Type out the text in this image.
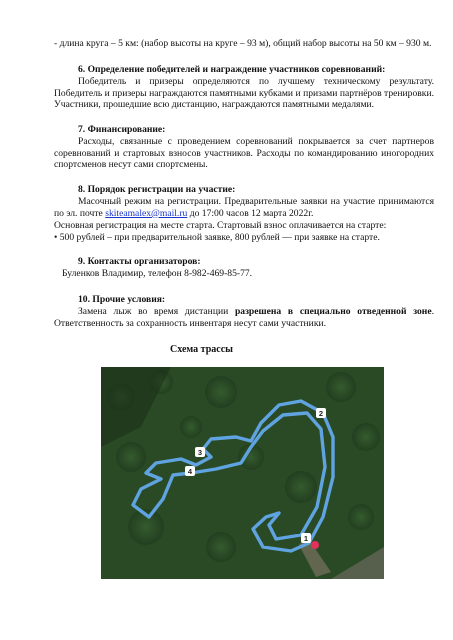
- длина круга – 5 км: (набор высоты на круге – 93 м), общий набор высоты на 50 км – 930 м.

6. Определение победителей и награждение участников соревнований:

Победитель и призеры определяются по лучшему техническому результату. Победитель и призеры награждаются памятными кубками и призами партнёров тренировки. Участники, прошедшие всю дистанцию, награждаются памятными медалями.

7. Финансирование:

Расходы, связанные с проведением соревнований покрывается за счет партнеров соревнований и стартовых взносов участников. Расходы по командированию иногородних спортсменов несут сами спортсмены.

8. Порядок регистрации на участие:

Масочный режим на регистрации. Предварительные заявки на участие принимаются по эл. почте skiteamalex@mail.ru до 17:00 часов 12 марта 2022г.

Основная регистрация на месте старта. Стартовый взнос оплачивается на старте:

• 500 рублей – при предварительной заявке, 800 рублей — при заявке на старте.

9. Контакты организаторов:

Буленков Владимир, телефон 8-982-469-85-77.

10. Прочие условия:

Замена лыж во время дистанции разрешена в специально отведенной зоне. Ответственность за сохранность инвентаря несут сами участники.

Схема трассы
1
2
3
4
